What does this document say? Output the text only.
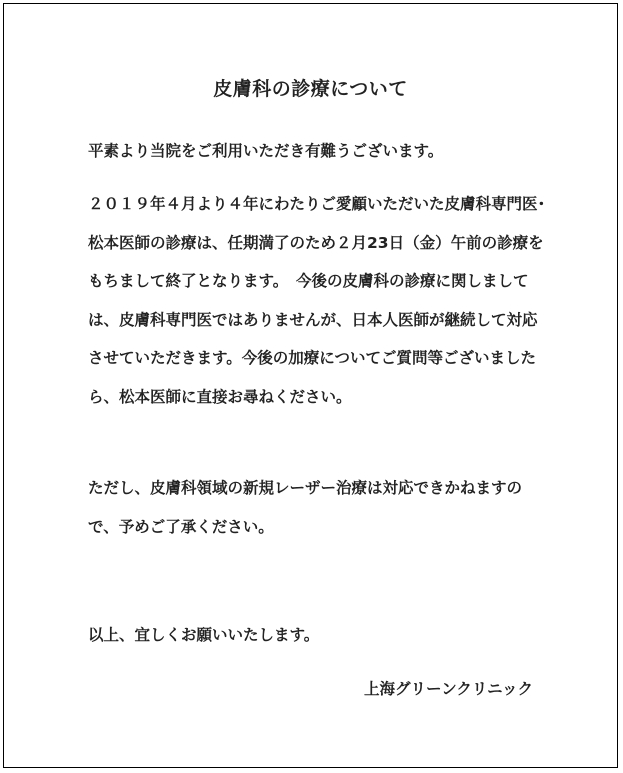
皮膚科の診療について
平素より当院をご利用いただき有難うございます。
２０１９年４月より４年にわたりご愛顧いただいた皮膚科専門医･松本医師の診療は、任期満了のため２月23日（金）午前の診療をもちまして終了となります。　今後の皮膚科の診療に関しましては、皮膚科専門医ではありませんが、日本人医師が継続して対応させていただきます。今後の加療についてご質問等ございましたら、松本医師に直接お尋ねください。
ただし、皮膚科領域の新規レーザー治療は対応できかねますので、予めご了承ください。
以上、宜しくお願いいたします。
上海グリーンクリニック
